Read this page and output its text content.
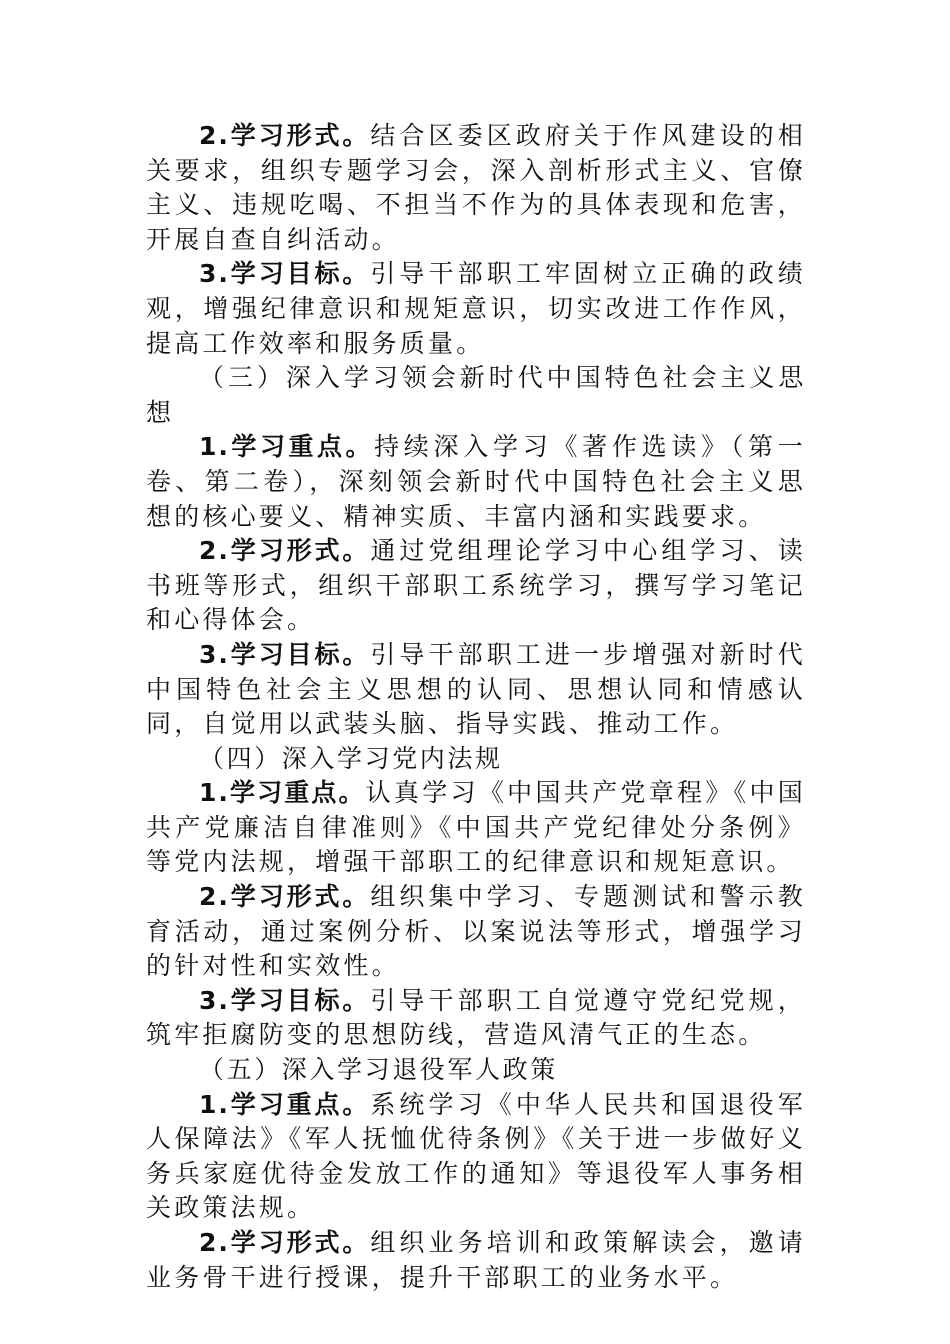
2.学习形式。结合区委区政府关于作风建设的相关要求，组织专题学习会，深入剖析形式主义、官僚主义、违规吃喝、不担当不作为的具体表现和危害，开展自查自纠活动。

3.学习目标。引导干部职工牢固树立正确的政绩观，增强纪律意识和规矩意识，切实改进工作作风，提高工作效率和服务质量。

（三）深入学习领会新时代中国特色社会主义思想

1.学习重点。持续深入学习《著作选读》（第一卷、第二卷），深刻领会新时代中国特色社会主义思想的核心要义、精神实质、丰富内涵和实践要求。

2.学习形式。通过党组理论学习中心组学习、读书班等形式，组织干部职工系统学习，撰写学习笔记和心得体会。

3.学习目标。引导干部职工进一步增强对新时代中国特色社会主义思想的认同、思想认同和情感认同，自觉用以武装头脑、指导实践、推动工作。

（四）深入学习党内法规

1.学习重点。认真学习《中国共产党章程》《中国共产党廉洁自律准则》《中国共产党纪律处分条例》等党内法规，增强干部职工的纪律意识和规矩意识。

2.学习形式。组织集中学习、专题测试和警示教育活动，通过案例分析、以案说法等形式，增强学习的针对性和实效性。

3.学习目标。引导干部职工自觉遵守党纪党规，筑牢拒腐防变的思想防线，营造风清气正的生态。

（五）深入学习退役军人政策

1.学习重点。系统学习《中华人民共和国退役军人保障法》《军人抚恤优待条例》《关于进一步做好义务兵家庭优待金发放工作的通知》等退役军人事务相关政策法规。

2.学习形式。组织业务培训和政策解读会，邀请业务骨干进行授课，提升干部职工的业务水平。
